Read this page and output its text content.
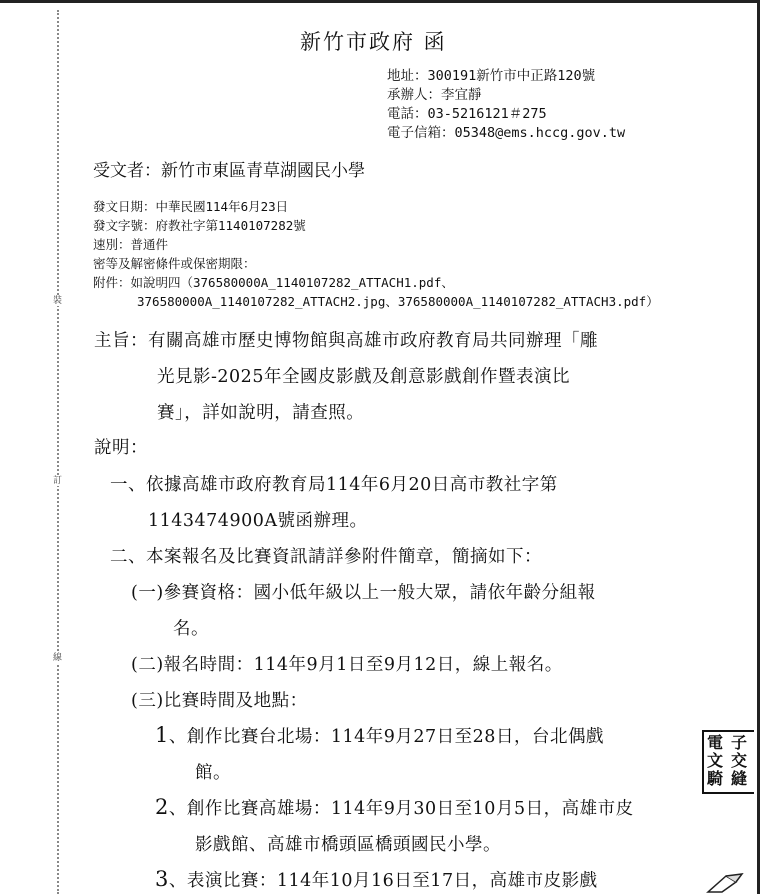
裝
訂
線
新竹市政府 函
地址：300191新竹市中正路120號
承辦人：李宜靜
電話：03-5216121＃275
電子信箱：05348@ems.hccg.gov.tw
受文者：新竹市東區青草湖國民小學
發文日期：中華民國114年6月23日
發文字號：府教社字第1140107282號
速別：普通件
密等及解密條件或保密期限：
附件：如說明四（376580000A_1140107282_ATTACH1.pdf、
376580000A_1140107282_ATTACH2.jpg、376580000A_1140107282_ATTACH3.pdf）
主旨：有關高雄市歷史博物館與高雄市政府教育局共同辦理「雕
光見影-2025年全國皮影戲及創意影戲創作暨表演比
賽」，詳如說明，請查照。
說明：
一、依據高雄市政府教育局114年6月20日高市教社字第
1143474900A號函辦理。
二、本案報名及比賽資訊請詳參附件簡章，簡摘如下：
(一)參賽資格：國小低年級以上一般大眾，請依年齡分組報
名。
(二)報名時間：114年9月1日至9月12日，線上報名。
(三)比賽時間及地點：
1、創作比賽台北場：114年9月27日至28日，台北偶戲
館。
2、創作比賽高雄場：114年9月30日至10月5日，高雄市皮
影戲館、高雄市橋頭區橋頭國民小學。
3、表演比賽：114年10月16日至17日，高雄市皮影戲
電 子
文 交
騎 縫
